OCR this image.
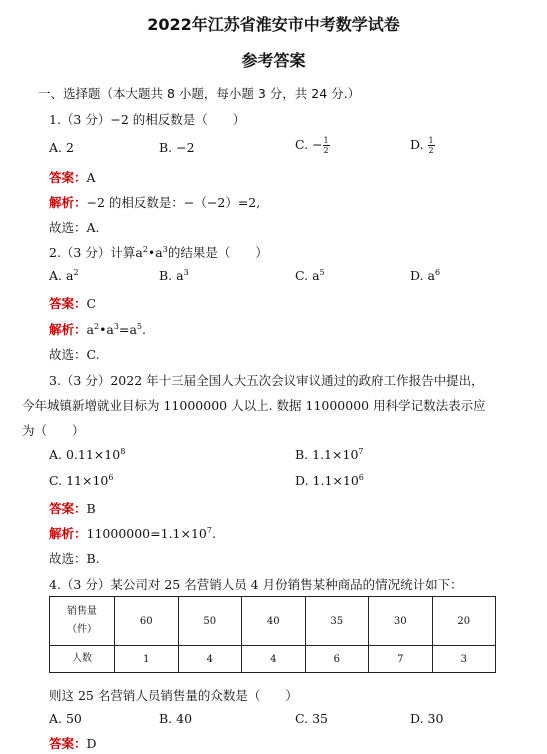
2022年江苏省淮安市中考数学试卷
参考答案
一、选择题（本大题共 8 小题，每小题 3 分，共 24 分.）
1.（3 分）−2 的相反数是（　　）
A. 2	B. −2	C. − $\frac{1}{2}$	D. $\frac{1}{2}$
答案：A
解析：−2 的相反数是：−（−2）=2,
故选：A.
2.（3 分）计算$a^2•a^3$的结果是（　　）
A. $a^2$	B. $a^3$	C. $a^5$	D. $a^6$
答案：C
解析：$a^2•a^3=a^5$.
故选：C.
3.（3 分）2022 年十三届全国人大五次会议审议通过的政府工作报告中提出，
今年城镇新增就业目标为 11000000 人以上. 数据 11000000 用科学记数法表示应
为（　　）
A. $0.11\times 10^8$	B. $1.1\times 10^7$
C. $11\times 10^6$	D. $1.1\times 10^6$
答案：B
解析：$11000000=1.1\times 10^7$.
故选：B.
4.（3 分）某公司对 25 名营销人员 4 月份销售某种商品的情况统计如下：
销售量
（件）	60	50	40	35	30	20
人数	1	4	4	6	7	3
则这 25 名营销人员销售量的众数是（　　）
A. 50	B. 40	C. 35	D. 30
答案：D
